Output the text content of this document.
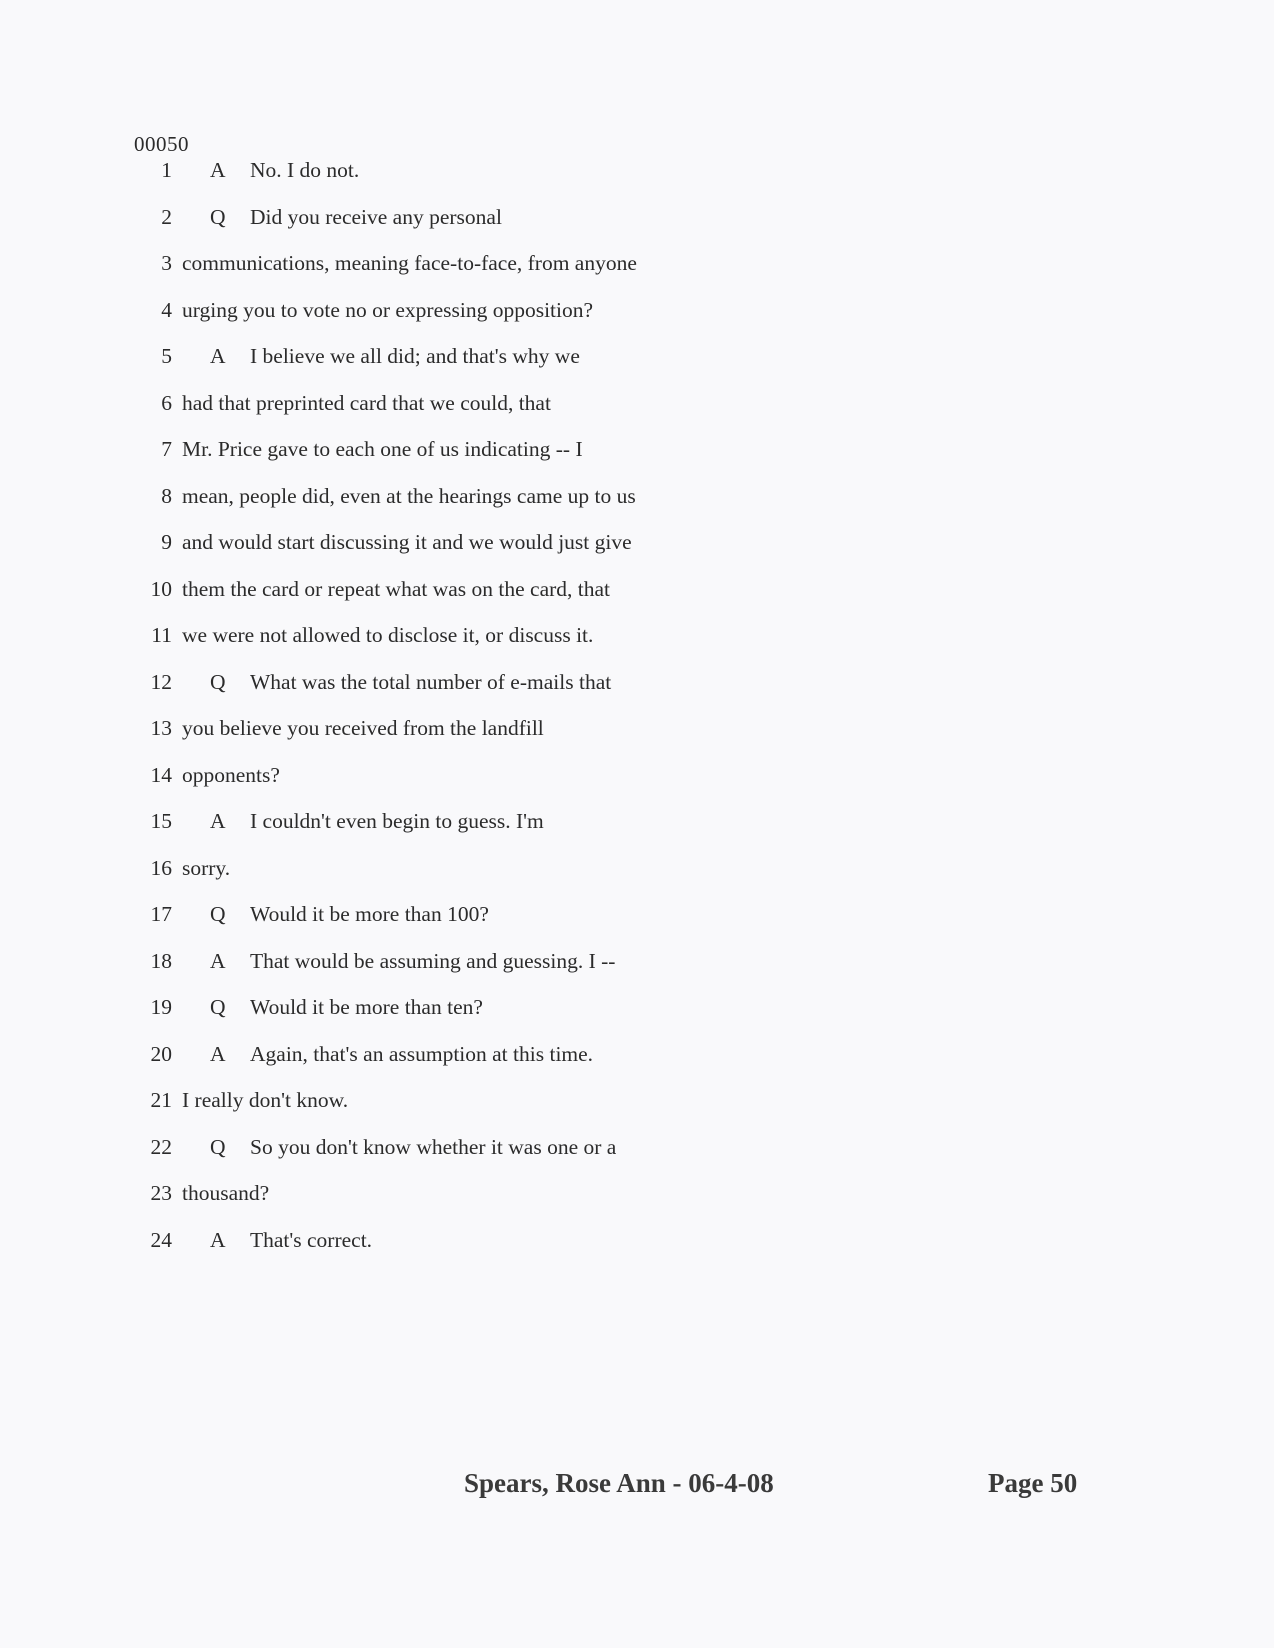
00050
1 A	No. I do not.
2 Q	Did you receive any personal
3 communications, meaning face-to-face, from anyone
4 urging you to vote no or expressing opposition?
5 A	I believe we all did; and that's why we
6 had that preprinted card that we could, that
7 Mr. Price gave to each one of us indicating -- I
8 mean, people did, even at the hearings came up to us
9 and would start discussing it and we would just give
10 them the card or repeat what was on the card, that
11 we were not allowed to disclose it, or discuss it.
12 Q	What was the total number of e-mails that
13 you believe you received from the landfill
14 opponents?
15 A	I couldn't even begin to guess. I'm
16 sorry.
17 Q	Would it be more than 100?
18 A	That would be assuming and guessing. I --
19 Q	Would it be more than ten?
20 A	Again, that's an assumption at this time.
21 I really don't know.
22 Q	So you don't know whether it was one or a
23 thousand?
24 A	That's correct.
Spears, Rose Ann - 06-4-08	Page 50
